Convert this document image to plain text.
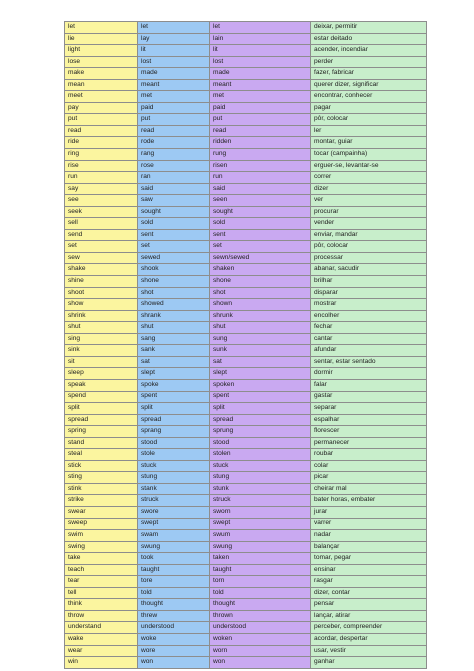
let	let	let	deixar, permitir
lie	lay	lain	estar deitado
light	lit	lit	acender, incendiar
lose	lost	lost	perder
make	made	made	fazer, fabricar
mean	meant	meant	querer dizer, significar
meet	met	met	encontrar, conhecer
pay	paid	paid	pagar
put	put	put	pôr, colocar
read	read	read	ler
ride	rode	ridden	montar, guiar
ring	rang	rung	tocar (campainha)
rise	rose	risen	erguer-se, levantar-se
run	ran	run	correr
say	said	said	dizer
see	saw	seen	ver
seek	sought	sought	procurar
sell	sold	sold	vender
send	sent	sent	enviar, mandar
set	set	set	pôr, colocar
sew	sewed	sewn/sewed	processar
shake	shook	shaken	abanar, sacudir
shine	shone	shone	brilhar
shoot	shot	shot	disparar
show	showed	shown	mostrar
shrink	shrank	shrunk	encolher
shut	shut	shut	fechar
sing	sang	sung	cantar
sink	sank	sunk	afundar
sit	sat	sat	sentar, estar sentado
sleep	slept	slept	dormir
speak	spoke	spoken	falar
spend	spent	spent	gastar
split	split	split	separar
spread	spread	spread	espalhar
spring	sprang	sprung	florescer
stand	stood	stood	permanecer
steal	stole	stolen	roubar
stick	stuck	stuck	colar
sting	stung	stung	picar
stink	stank	stunk	cheirar mal
strike	struck	struck	bater horas, embater
swear	swore	sworn	jurar
sweep	swept	swept	varrer
swim	swam	swum	nadar
swing	swung	swung	balançar
take	took	taken	tomar, pegar
teach	taught	taught	ensinar
tear	tore	torn	rasgar
tell	told	told	dizer, contar
think	thought	thought	pensar
throw	threw	thrown	lançar, atirar
understand	understood	understood	perceber, compreender
wake	woke	woken	acordar, despertar
wear	wore	worn	usar, vestir
win	won	won	ganhar
